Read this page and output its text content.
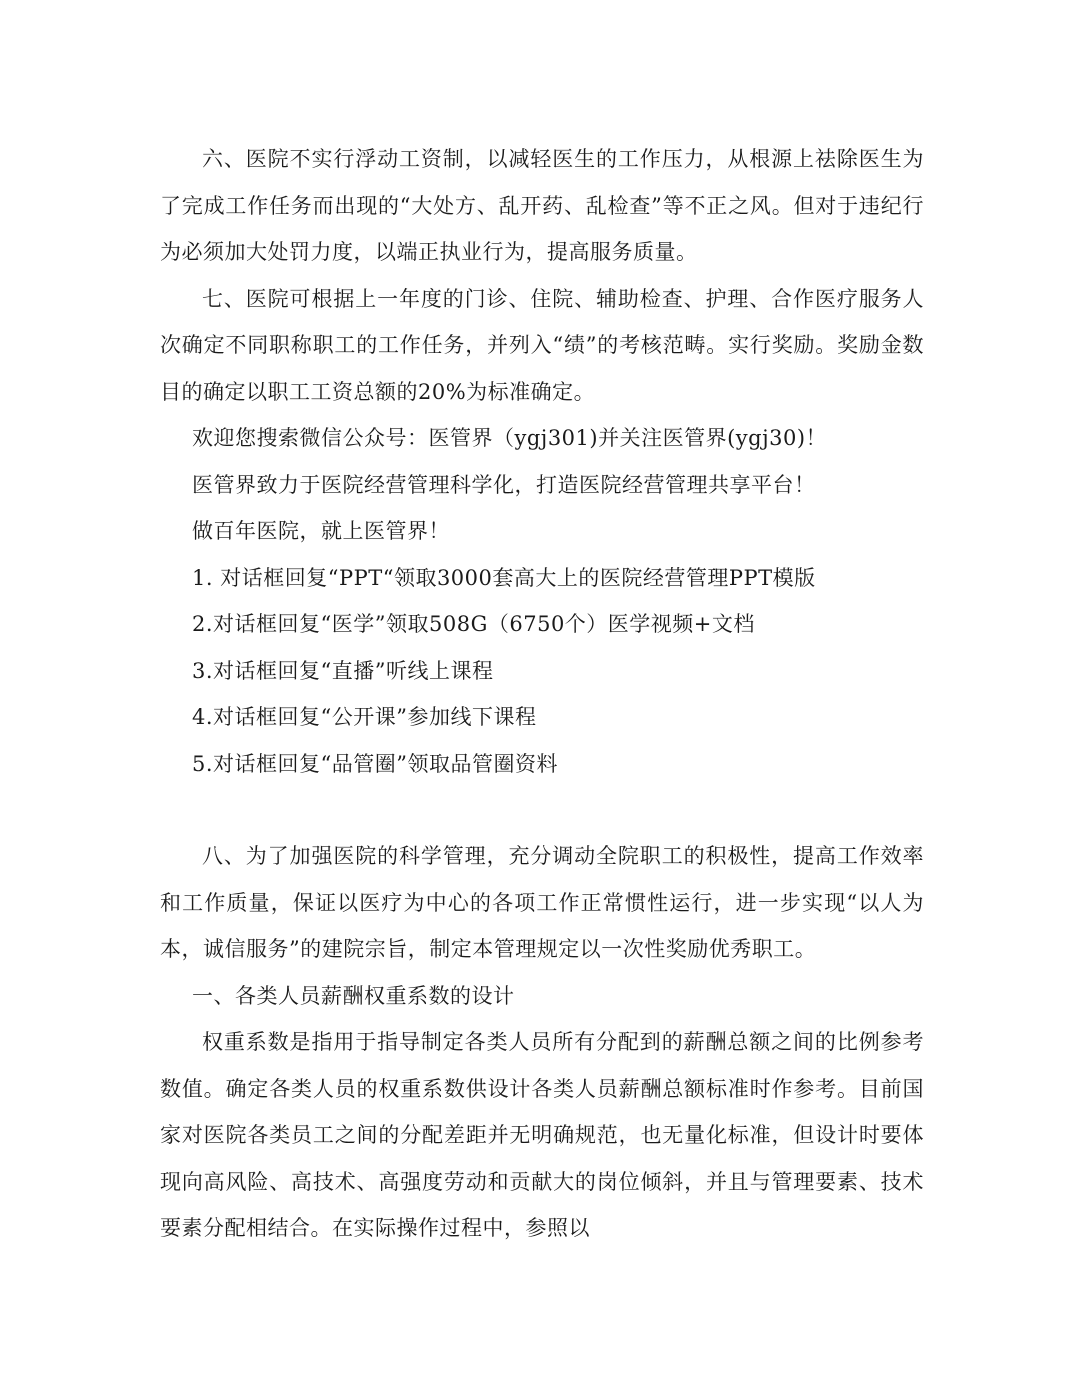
六、医院不实行浮动工资制，以减轻医生的工作压力，从根源上祛除医生为了完成工作任务而出现的“大处方、乱开药、乱检查”等不正之风。但对于违纪行为必须加大处罚力度，以端正执业行为，提高服务质量。

七、医院可根据上一年度的门诊、住院、辅助检查、护理、合作医疗服务人次确定不同职称职工的工作任务，并列入“绩”的考核范畴。实行奖励。奖励金数目的确定以职工工资总额的20%为标准确定。

欢迎您搜索微信公众号：医管界（ygj301)并关注医管界(ygj30)！

医管界致力于医院经营管理科学化，打造医院经营管理共享平台！

做百年医院，就上医管界！

1. 对话框回复“PPT“领取3000套高大上的医院经营管理PPT模版

2.对话框回复“医学”领取508G（6750个）医学视频+文档

3.对话框回复“直播”听线上课程

4.对话框回复“公开课”参加线下课程

5.对话框回复“品管圈”领取品管圈资料

八、为了加强医院的科学管理，充分调动全院职工的积极性，提高工作效率和工作质量，保证以医疗为中心的各项工作正常惯性运行，进一步实现“以人为本，诚信服务”的建院宗旨，制定本管理规定以一次性奖励优秀职工。

一、各类人员薪酬权重系数的设计

权重系数是指用于指导制定各类人员所有分配到的薪酬总额之间的比例参考数值。确定各类人员的权重系数供设计各类人员薪酬总额标准时作参考。目前国家对医院各类员工之间的分配差距并无明确规范，也无量化标准，但设计时要体现向高风险、高技术、高强度劳动和贡献大的岗位倾斜，并且与管理要素、技术要素分配相结合。在实际操作过程中，参照以
